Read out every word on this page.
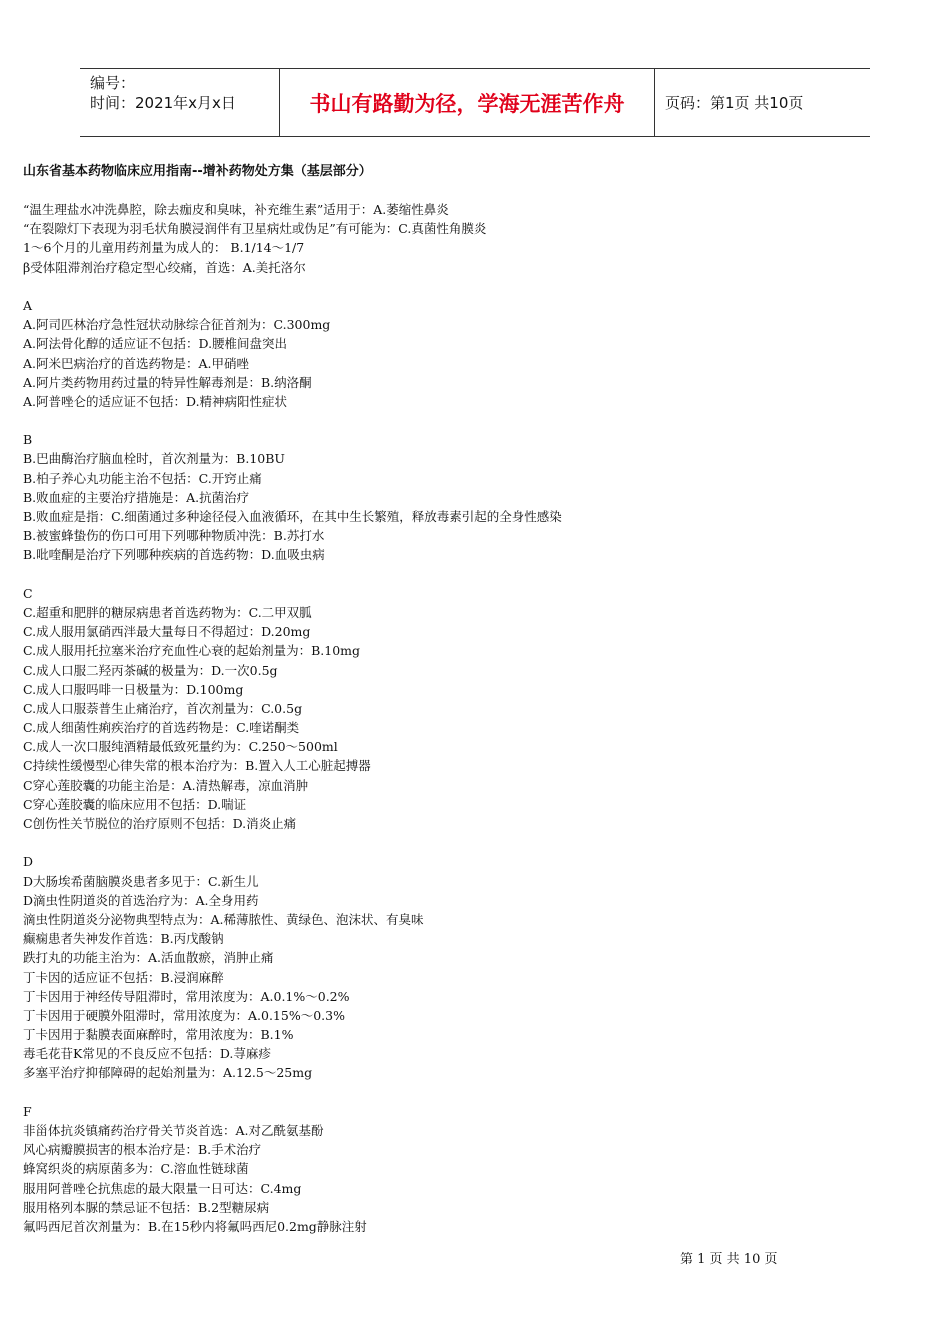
编号：
时间：2021年x月x日	书山有路勤为径，学海无涯苦作舟	页码：第1页 共10页
山东省基本药物临床应用指南--增补药物处方集（基层部分）
“温生理盐水冲洗鼻腔，除去痂皮和臭味，补充维生素”适用于：A.萎缩性鼻炎
“在裂隙灯下表现为羽毛状角膜浸润伴有卫星病灶或伪足”有可能为：C.真菌性角膜炎
1～6个月的儿童用药剂量为成人的： B.1/14～1/7
β受体阻滞剂治疗稳定型心绞痛，首选：A.美托洛尔
A
A.阿司匹林治疗急性冠状动脉综合征首剂为：C.300mg
A.阿法骨化醇的适应证不包括：D.腰椎间盘突出
A.阿米巴病治疗的首选药物是：A.甲硝唑
A.阿片类药物用药过量的特异性解毒剂是：B.纳洛酮
A.阿普唑仑的适应证不包括：D.精神病阳性症状
B
B.巴曲酶治疗脑血栓时，首次剂量为：B.10BU
B.柏子养心丸功能主治不包括：C.开窍止痛
B.败血症的主要治疗措施是：A.抗菌治疗
B.败血症是指：C.细菌通过多种途径侵入血液循环，在其中生长繁殖，释放毒素引起的全身性感染
B.被蜜蜂蛰伤的伤口可用下列哪种物质冲洗：B.苏打水
B.吡喹酮是治疗下列哪种疾病的首选药物：D.血吸虫病
C
C.超重和肥胖的糖尿病患者首选药物为：C.二甲双胍
C.成人服用氯硝西泮最大量每日不得超过：D.20mg
C.成人服用托拉塞米治疗充血性心衰的起始剂量为：B.10mg
C.成人口服二羟丙茶碱的极量为：D.一次0.5g
C.成人口服吗啡一日极量为：D.100mg
C.成人口服萘普生止痛治疗，首次剂量为：C.0.5g
C.成人细菌性痢疾治疗的首选药物是：C.喹诺酮类
C.成人一次口服纯酒精最低致死量约为：C.250～500ml
C持续性缓慢型心律失常的根本治疗为：B.置入人工心脏起搏器
C穿心莲胶囊的功能主治是：A.清热解毒，凉血消肿
C穿心莲胶囊的临床应用不包括：D.喘证
C创伤性关节脱位的治疗原则不包括：D.消炎止痛
D
D大肠埃希菌脑膜炎患者多见于：C.新生儿
D滴虫性阴道炎的首选治疗为：A.全身用药
滴虫性阴道炎分泌物典型特点为：A.稀薄脓性、黄绿色、泡沫状、有臭味
癫痫患者失神发作首选：B.丙戊酸钠
跌打丸的功能主治为：A.活血散瘀，消肿止痛
丁卡因的适应证不包括：B.浸润麻醉
丁卡因用于神经传导阻滞时，常用浓度为：A.0.1%～0.2%
丁卡因用于硬膜外阻滞时，常用浓度为：A.0.15%～0.3%
丁卡因用于黏膜表面麻醉时，常用浓度为：B.1%
毒毛花苷K常见的不良反应不包括：D.荨麻疹
多塞平治疗抑郁障碍的起始剂量为：A.12.5～25mg
F
非甾体抗炎镇痛药治疗骨关节炎首选：A.对乙酰氨基酚
风心病瓣膜损害的根本治疗是：B.手术治疗
蜂窝织炎的病原菌多为：C.溶血性链球菌
服用阿普唑仑抗焦虑的最大限量一日可达：C.4mg
服用格列本脲的禁忌证不包括：B.2型糖尿病
氟吗西尼首次剂量为：B.在15秒内将氟吗西尼0.2mg静脉注射
第 1 页 共 10 页
